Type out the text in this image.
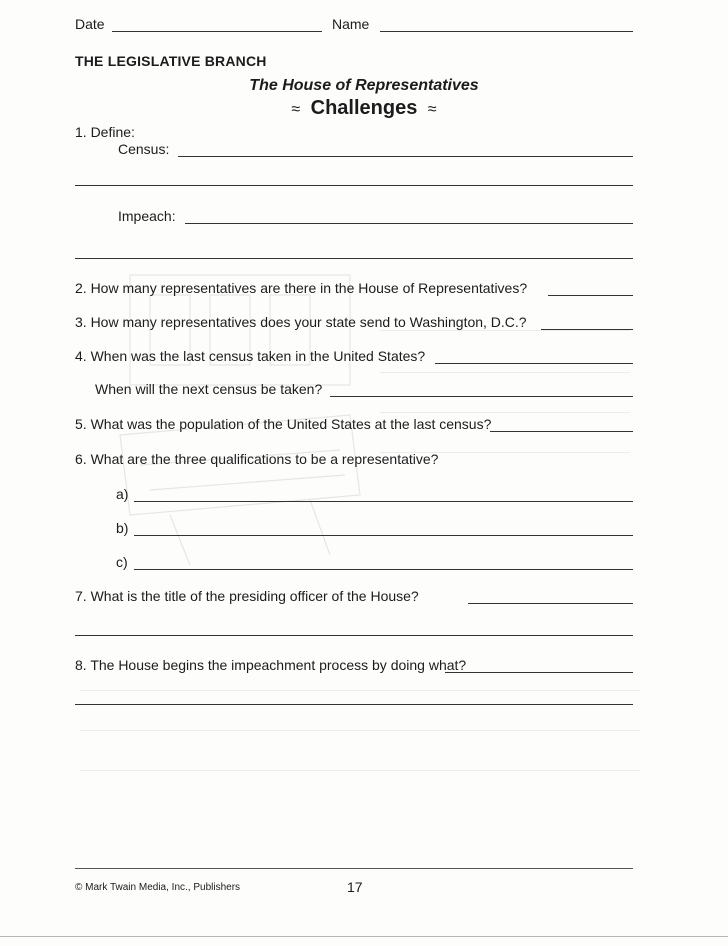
Date	Name
THE LEGISLATIVE BRANCH
The House of Representatives
≈ Challenges ≈
1. Define:
Census:
Impeach:
2. How many representatives are there in the House of Representatives?
3. How many representatives does your state send to Washington, D.C.?
4. When was the last census taken in the United States?
When will the next census be taken?
5. What was the population of the United States at the last census?
6. What are the three qualifications to be a representative?
a)
b)
c)
7. What is the title of the presiding officer of the House?
8. The House begins the impeachment process by doing what?
© Mark Twain Media, Inc., Publishers	17
